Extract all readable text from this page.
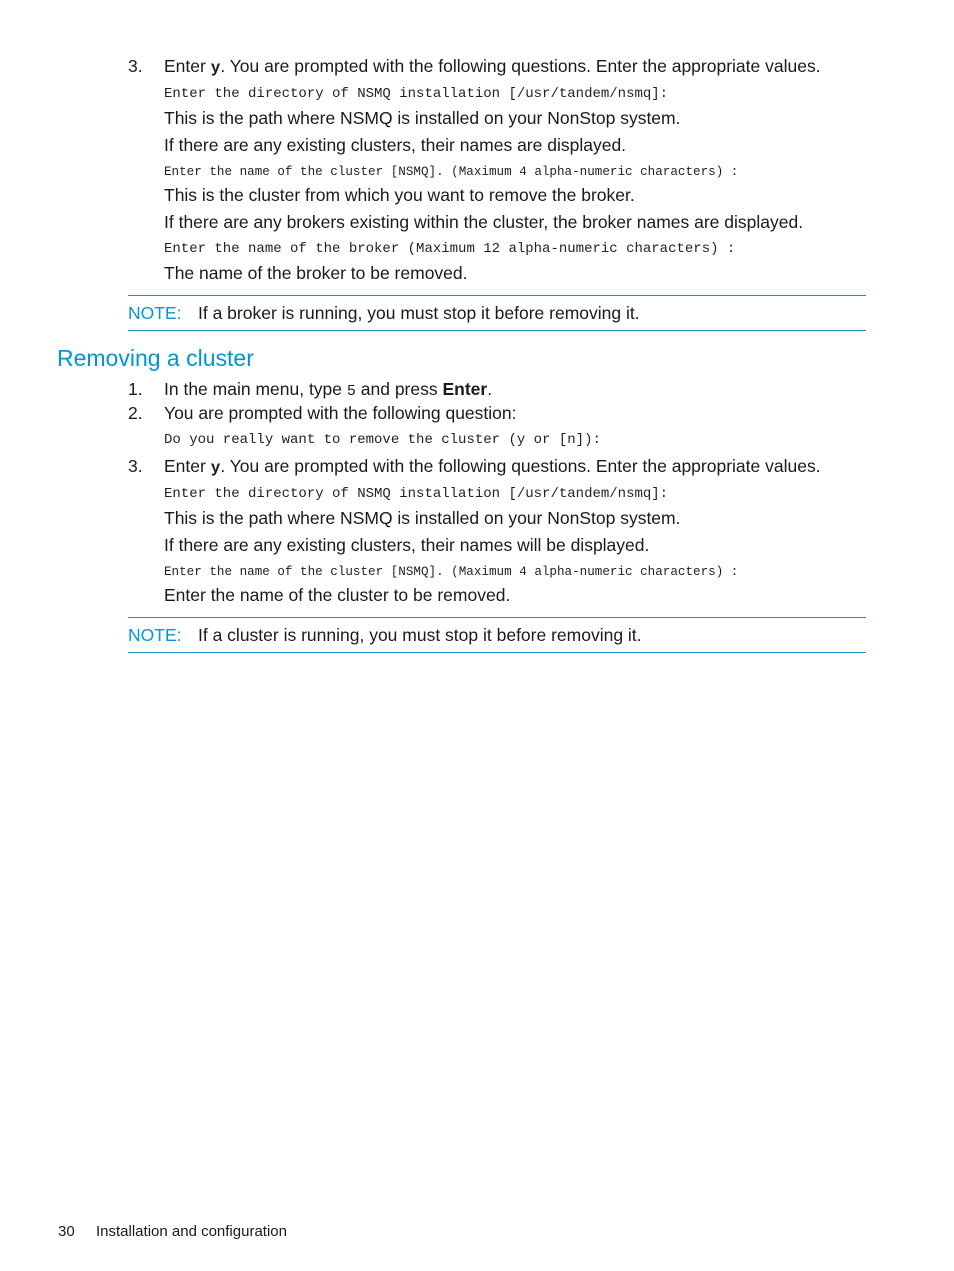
3. Enter y. You are prompted with the following questions. Enter the appropriate values.
Enter the directory of NSMQ installation [/usr/tandem/nsmq]:
This is the path where NSMQ is installed on your NonStop system.
If there are any existing clusters, their names are displayed.
Enter the name of the cluster [NSMQ]. (Maximum 4 alpha-numeric characters) :
This is the cluster from which you want to remove the broker.
If there are any brokers existing within the cluster, the broker names are displayed.
Enter the name of the broker (Maximum 12 alpha-numeric characters) :
The name of the broker to be removed.
NOTE: If a broker is running, you must stop it before removing it.
Removing a cluster
1. In the main menu, type 5 and press Enter.
2. You are prompted with the following question:
Do you really want to remove the cluster (y or [n]):
3. Enter y. You are prompted with the following questions. Enter the appropriate values.
Enter the directory of NSMQ installation [/usr/tandem/nsmq]:
This is the path where NSMQ is installed on your NonStop system.
If there are any existing clusters, their names will be displayed.
Enter the name of the cluster [NSMQ]. (Maximum 4 alpha-numeric characters) :
Enter the name of the cluster to be removed.
NOTE: If a cluster is running, you must stop it before removing it.
30 Installation and configuration
